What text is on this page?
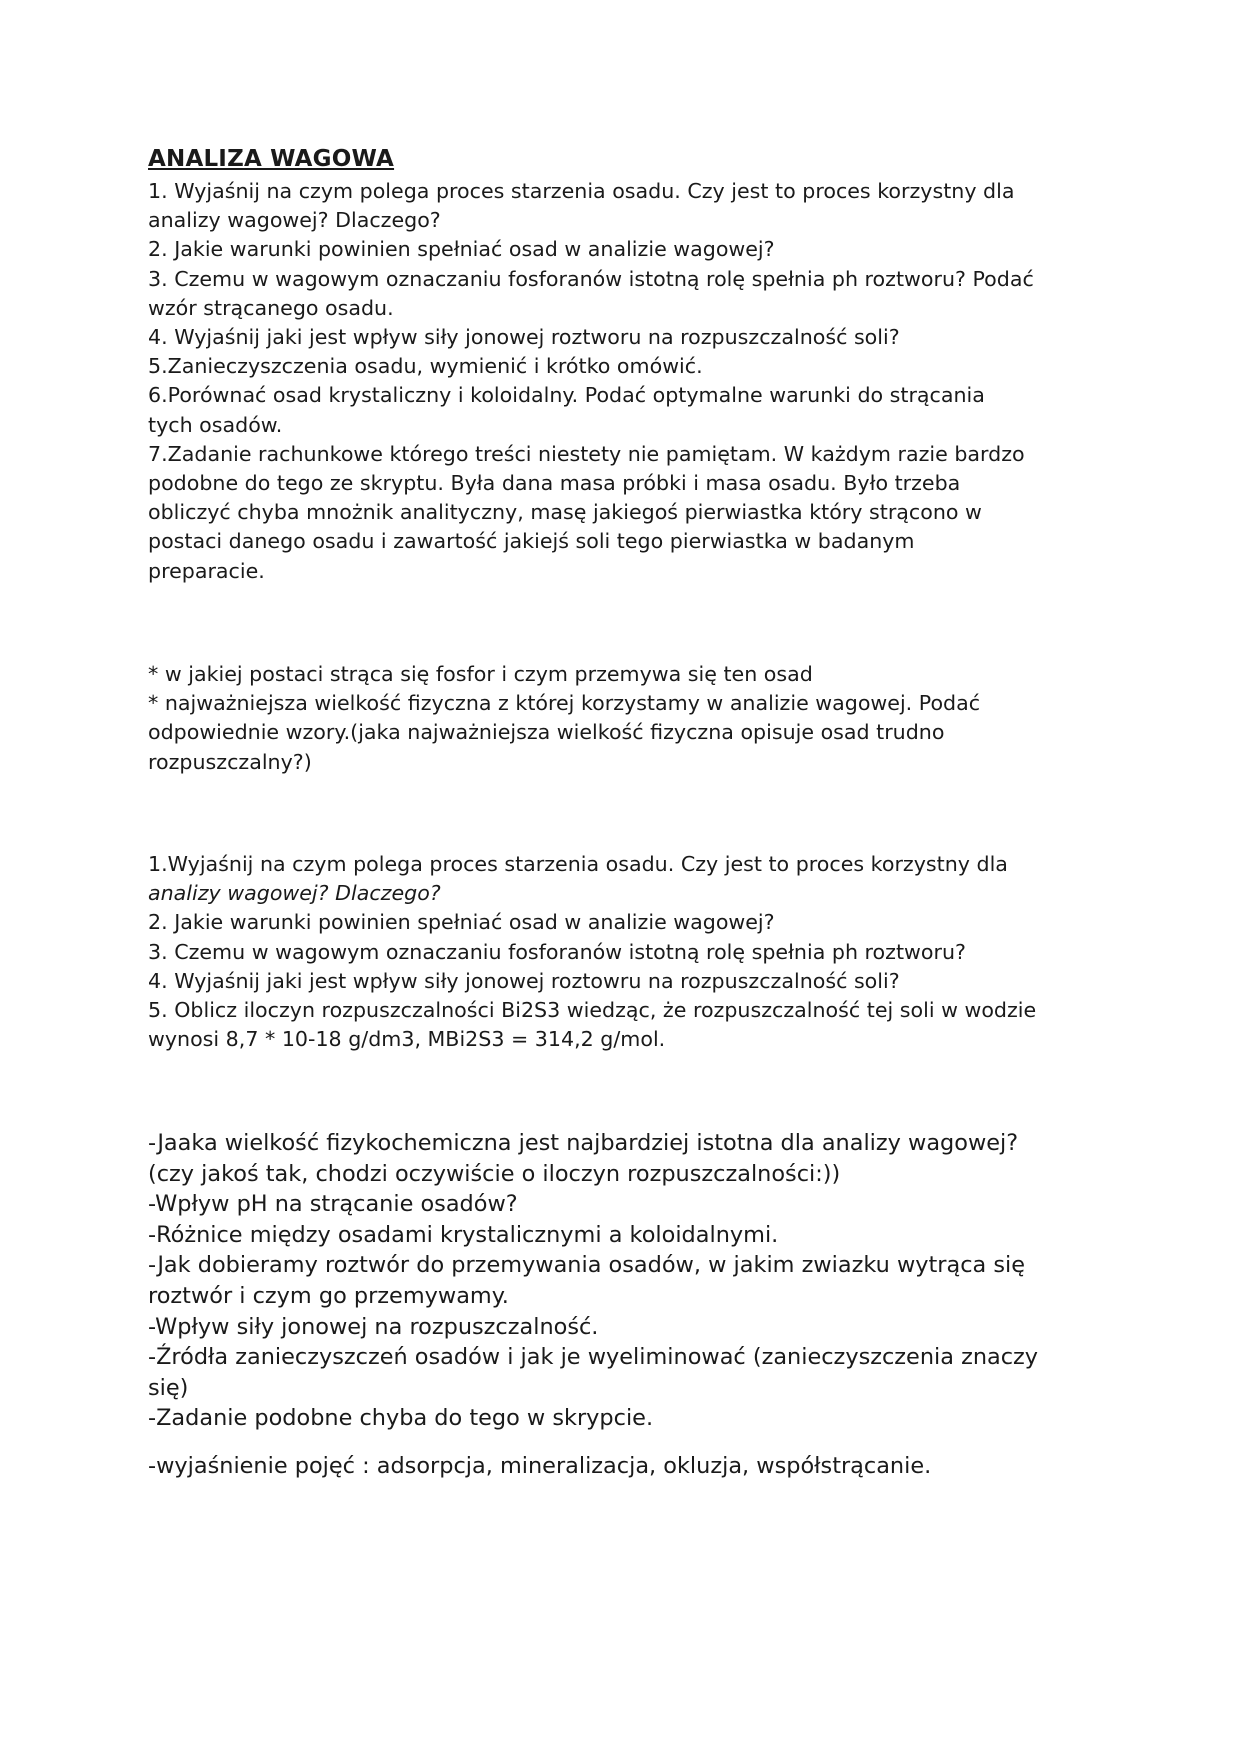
ANALIZA WAGOWA
1. Wyjaśnij na czym polega proces starzenia osadu. Czy jest to proces korzystny dla
analizy wagowej? Dlaczego?
2. Jakie warunki powinien spełniać osad w analizie wagowej?
3. Czemu w wagowym oznaczaniu fosforanów istotną rolę spełnia ph roztworu? Podać
wzór strącanego osadu.
4. Wyjaśnij jaki jest wpływ siły jonowej roztworu na rozpuszczalność soli?
5.Zanieczyszczenia osadu, wymienić i krótko omówić.
6.Porównać osad krystaliczny i koloidalny. Podać optymalne warunki do strącania
tych osadów.
7.Zadanie rachunkowe którego treści niestety nie pamiętam. W każdym razie bardzo
podobne do tego ze skryptu. Była dana masa próbki i masa osadu. Było trzeba
obliczyć chyba mnożnik analityczny, masę jakiegoś pierwiastka który strącono w
postaci danego osadu i zawartość jakiejś soli tego pierwiastka w badanym
preparacie.
* w jakiej postaci strąca się fosfor i czym przemywa się ten osad
* najważniejsza wielkość fizyczna z której korzystamy w analizie wagowej. Podać
odpowiednie wzory.(jaka najważniejsza wielkość fizyczna opisuje osad trudno
rozpuszczalny?)
1.Wyjaśnij na czym polega proces starzenia osadu. Czy jest to proces korzystny dla
analizy wagowej? Dlaczego?
2. Jakie warunki powinien spełniać osad w analizie wagowej?
3. Czemu w wagowym oznaczaniu fosforanów istotną rolę spełnia ph roztworu?
4. Wyjaśnij jaki jest wpływ siły jonowej roztowru na rozpuszczalność soli?
5. Oblicz iloczyn rozpuszczalności Bi2S3 wiedząc, że rozpuszczalność tej soli w wodzie
wynosi 8,7 * 10-18 g/dm3, MBi2S3 = 314,2 g/mol.
-Jaaka wielkość fizykochemiczna jest najbardziej istotna dla analizy wagowej?
(czy jakoś tak, chodzi oczywiście o iloczyn rozpuszczalności:))
-Wpływ pH na strącanie osadów?
-Różnice między osadami krystalicznymi a koloidalnymi.
-Jak dobieramy roztwór do przemywania osadów, w jakim zwiazku wytrąca się
roztwór i czym go przemywamy.
-Wpływ siły jonowej na rozpuszczalność.
-Źródła zanieczyszczeń osadów i jak je wyeliminować (zanieczyszczenia znaczy
się)
-Zadanie podobne chyba do tego w skrypcie.
-wyjaśnienie pojęć : adsorpcja, mineralizacja, okluzja, współstrącanie.
